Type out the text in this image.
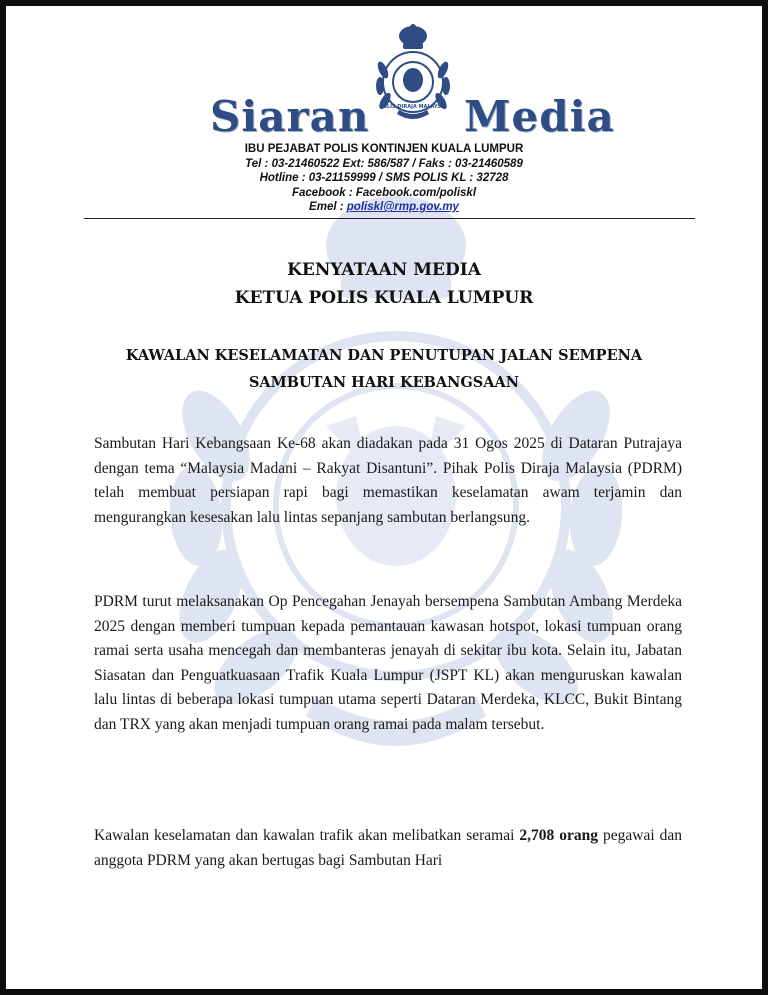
POLIS DIRAJA MALAYSIA
Siaran Media
IBU PEJABAT POLIS KONTINJEN KUALA LUMPUR
Tel : 03-21460522 Ext: 586/587 / Faks : 03-21460589
Hotline : 03-21159999 / SMS POLIS KL : 32728
Facebook : Facebook.com/poliskl
Emel : poliskl@rmp.gov.my
KENYATAAN MEDIA
KETUA POLIS KUALA LUMPUR
KAWALAN KESELAMATAN DAN PENUTUPAN JALAN SEMPENA
SAMBUTAN HARI KEBANGSAAN

Sambutan Hari Kebangsaan Ke-68 akan diadakan pada 31 Ogos 2025 di Dataran Putrajaya dengan tema “Malaysia Madani – Rakyat Disantuni”. Pihak Polis Diraja Malaysia (PDRM) telah membuat persiapan rapi bagi memastikan keselamatan awam terjamin dan mengurangkan kesesakan lalu lintas sepanjang sambutan berlangsung.

PDRM turut melaksanakan Op Pencegahan Jenayah bersempena Sambutan Ambang Merdeka 2025 dengan memberi tumpuan kepada pemantauan kawasan hotspot, lokasi tumpuan orang ramai serta usaha mencegah dan membanteras jenayah di sekitar ibu kota. Selain itu, Jabatan Siasatan dan Penguatkuasaan Trafik Kuala Lumpur (JSPT KL) akan menguruskan kawalan lalu lintas di beberapa lokasi tumpuan utama seperti Dataran Merdeka, KLCC, Bukit Bintang dan TRX yang akan menjadi tumpuan orang ramai pada malam tersebut.

Kawalan keselamatan dan kawalan trafik akan melibatkan seramai 2,708 orang pegawai dan anggota PDRM yang akan bertugas bagi Sambutan Hari
